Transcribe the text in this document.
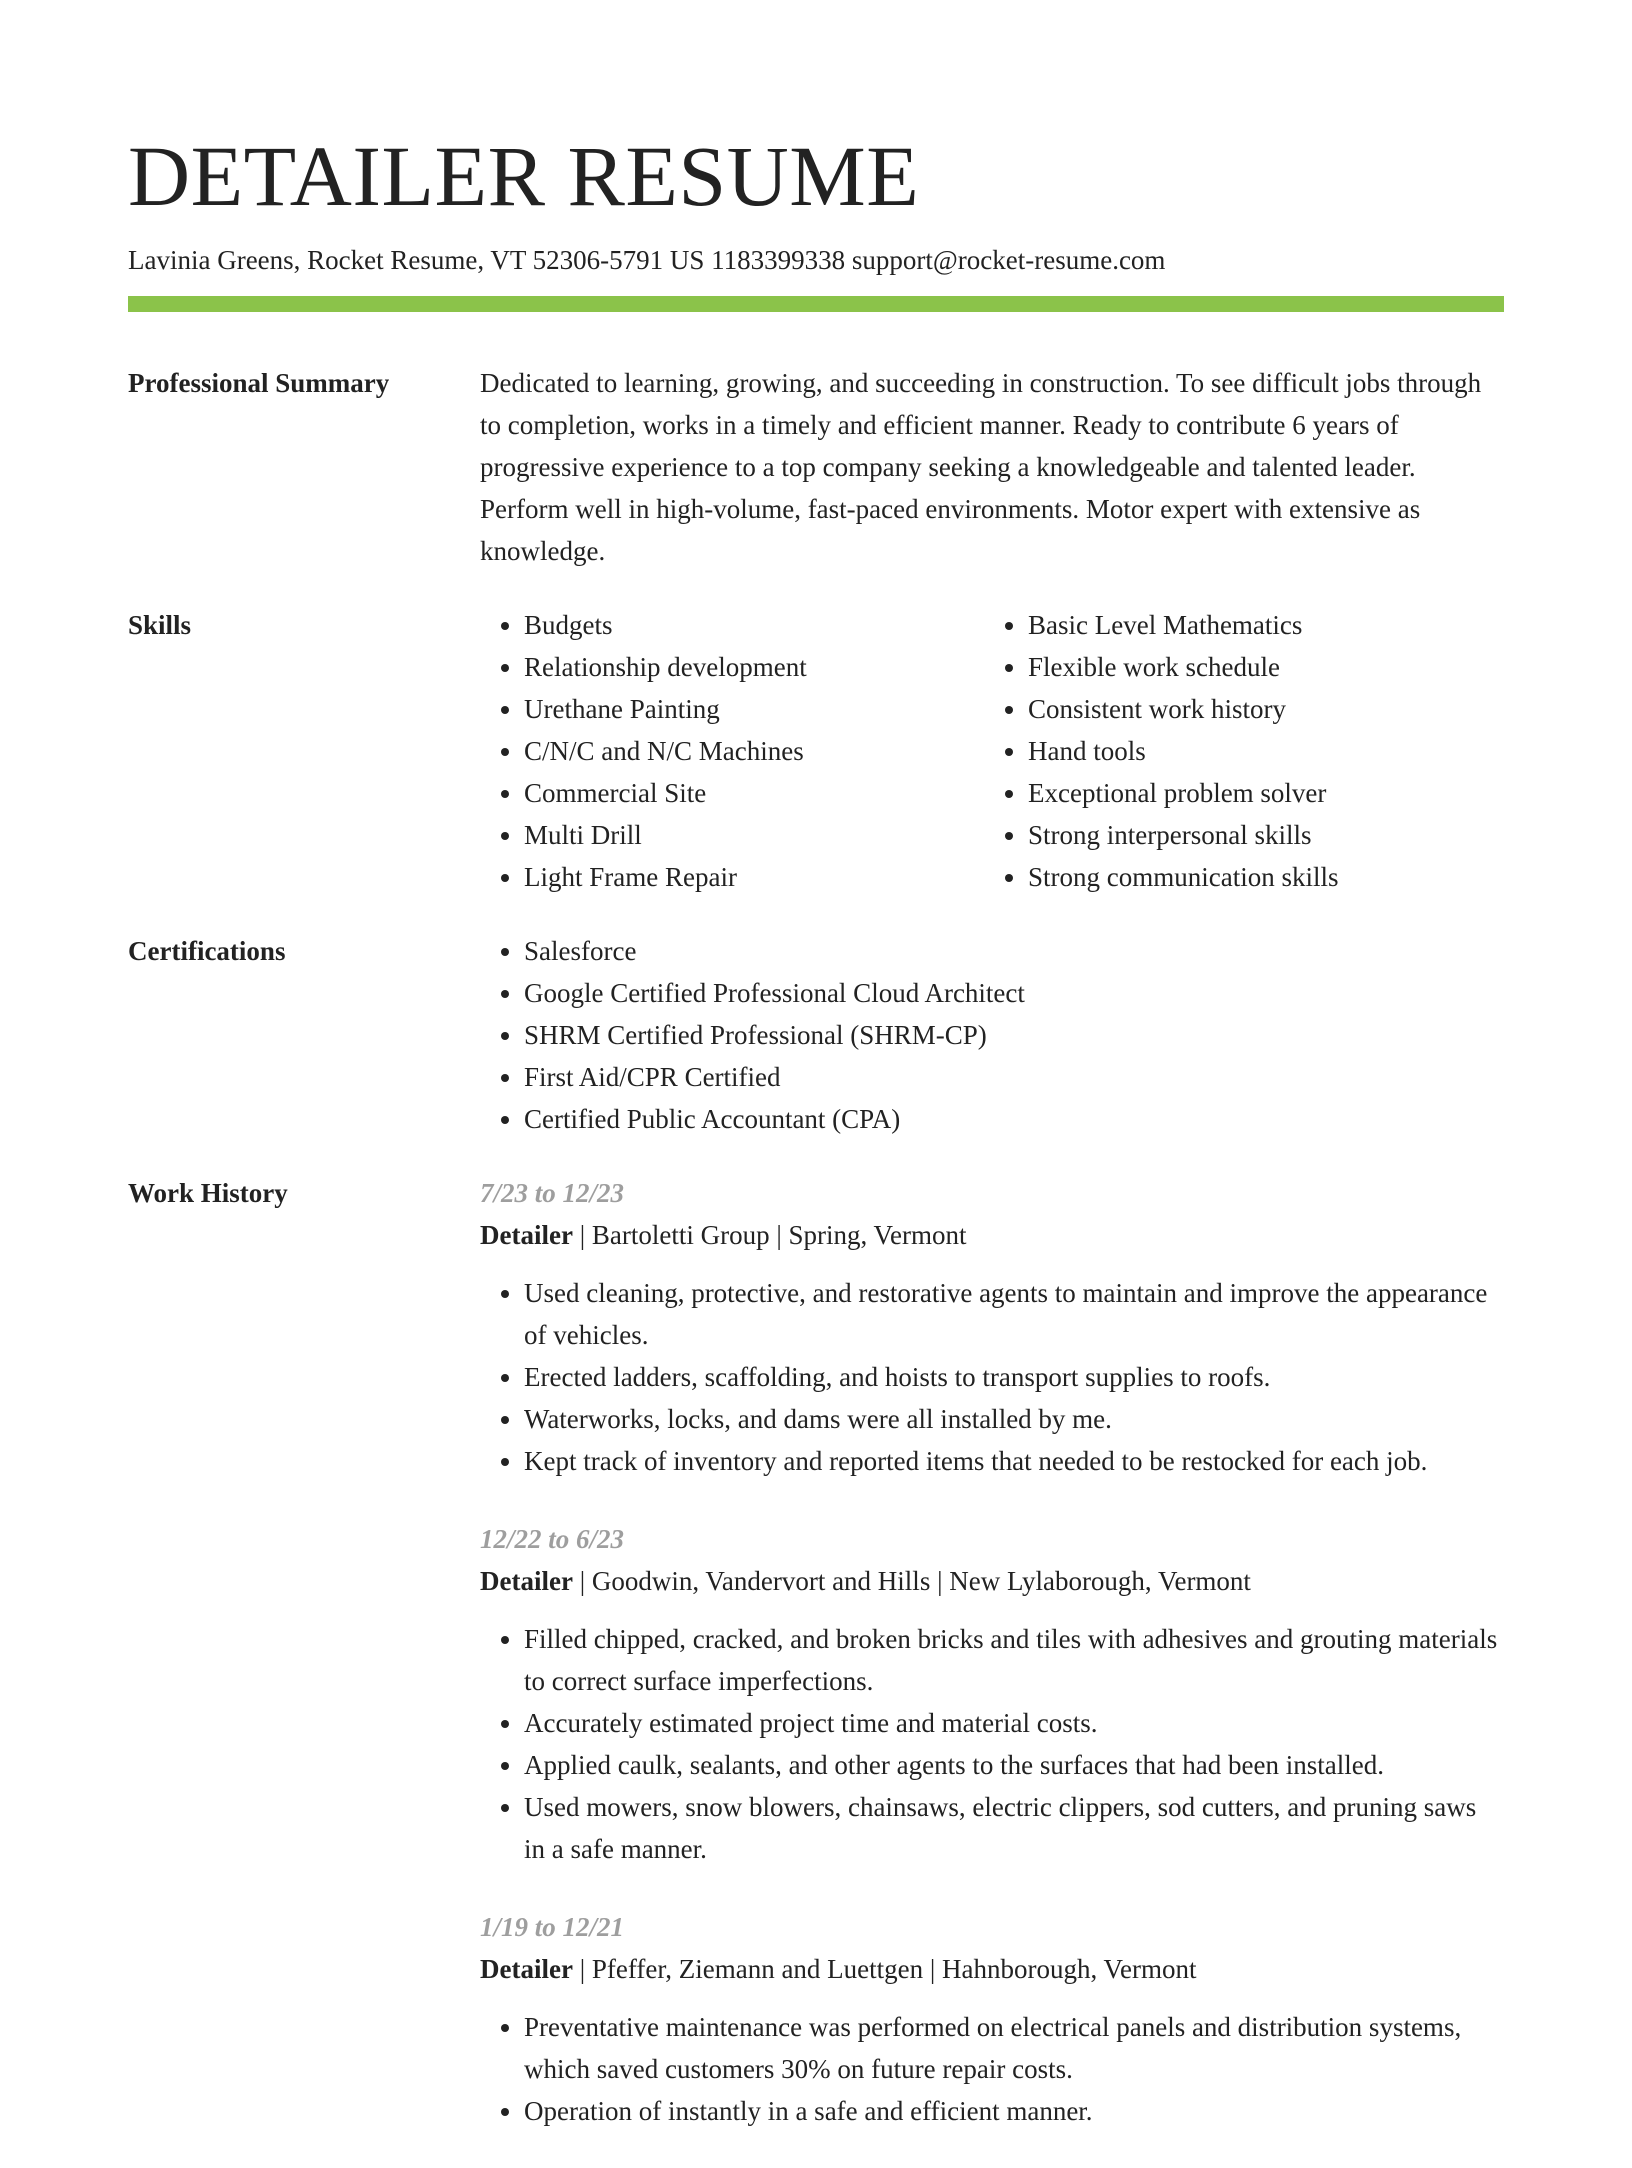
DETAILER RESUME
Lavinia Greens, Rocket Resume, VT 52306-5791 US 1183399338 support@rocket-resume.com
Professional Summary	Dedicated to learning, growing, and succeeding in construction. To see difficult jobs through to completion, works in a timely and efficient manner. Ready to contribute 6 years of progressive experience to a top company seeking a knowledgeable and talented leader. Perform well in high-volume, fast-paced environments. Motor expert with extensive as knowledge.
Skills	• Budgets
• Relationship development
• Urethane Painting
• C/N/C and N/C Machines
• Commercial Site
• Multi Drill
• Light Frame Repair
• Basic Level Mathematics
• Flexible work schedule
• Consistent work history
• Hand tools
• Exceptional problem solver
• Strong interpersonal skills
• Strong communication skills
Certifications	• Salesforce
• Google Certified Professional Cloud Architect
• SHRM Certified Professional (SHRM-CP)
• First Aid/CPR Certified
• Certified Public Accountant (CPA)
Work History	7/23 to 12/23
Detailer | Bartoletti Group | Spring, Vermont
• Used cleaning, protective, and restorative agents to maintain and improve the appearance of vehicles.
• Erected ladders, scaffolding, and hoists to transport supplies to roofs.
• Waterworks, locks, and dams were all installed by me.
• Kept track of inventory and reported items that needed to be restocked for each job.
12/22 to 6/23
Detailer | Goodwin, Vandervort and Hills | New Lylaborough, Vermont
• Filled chipped, cracked, and broken bricks and tiles with adhesives and grouting materials to correct surface imperfections.
• Accurately estimated project time and material costs.
• Applied caulk, sealants, and other agents to the surfaces that had been installed.
• Used mowers, snow blowers, chainsaws, electric clippers, sod cutters, and pruning saws in a safe manner.
1/19 to 12/21
Detailer | Pfeffer, Ziemann and Luettgen | Hahnborough, Vermont
• Preventative maintenance was performed on electrical panels and distribution systems, which saved customers 30% on future repair costs.
• Operation of instantly in a safe and efficient manner.
